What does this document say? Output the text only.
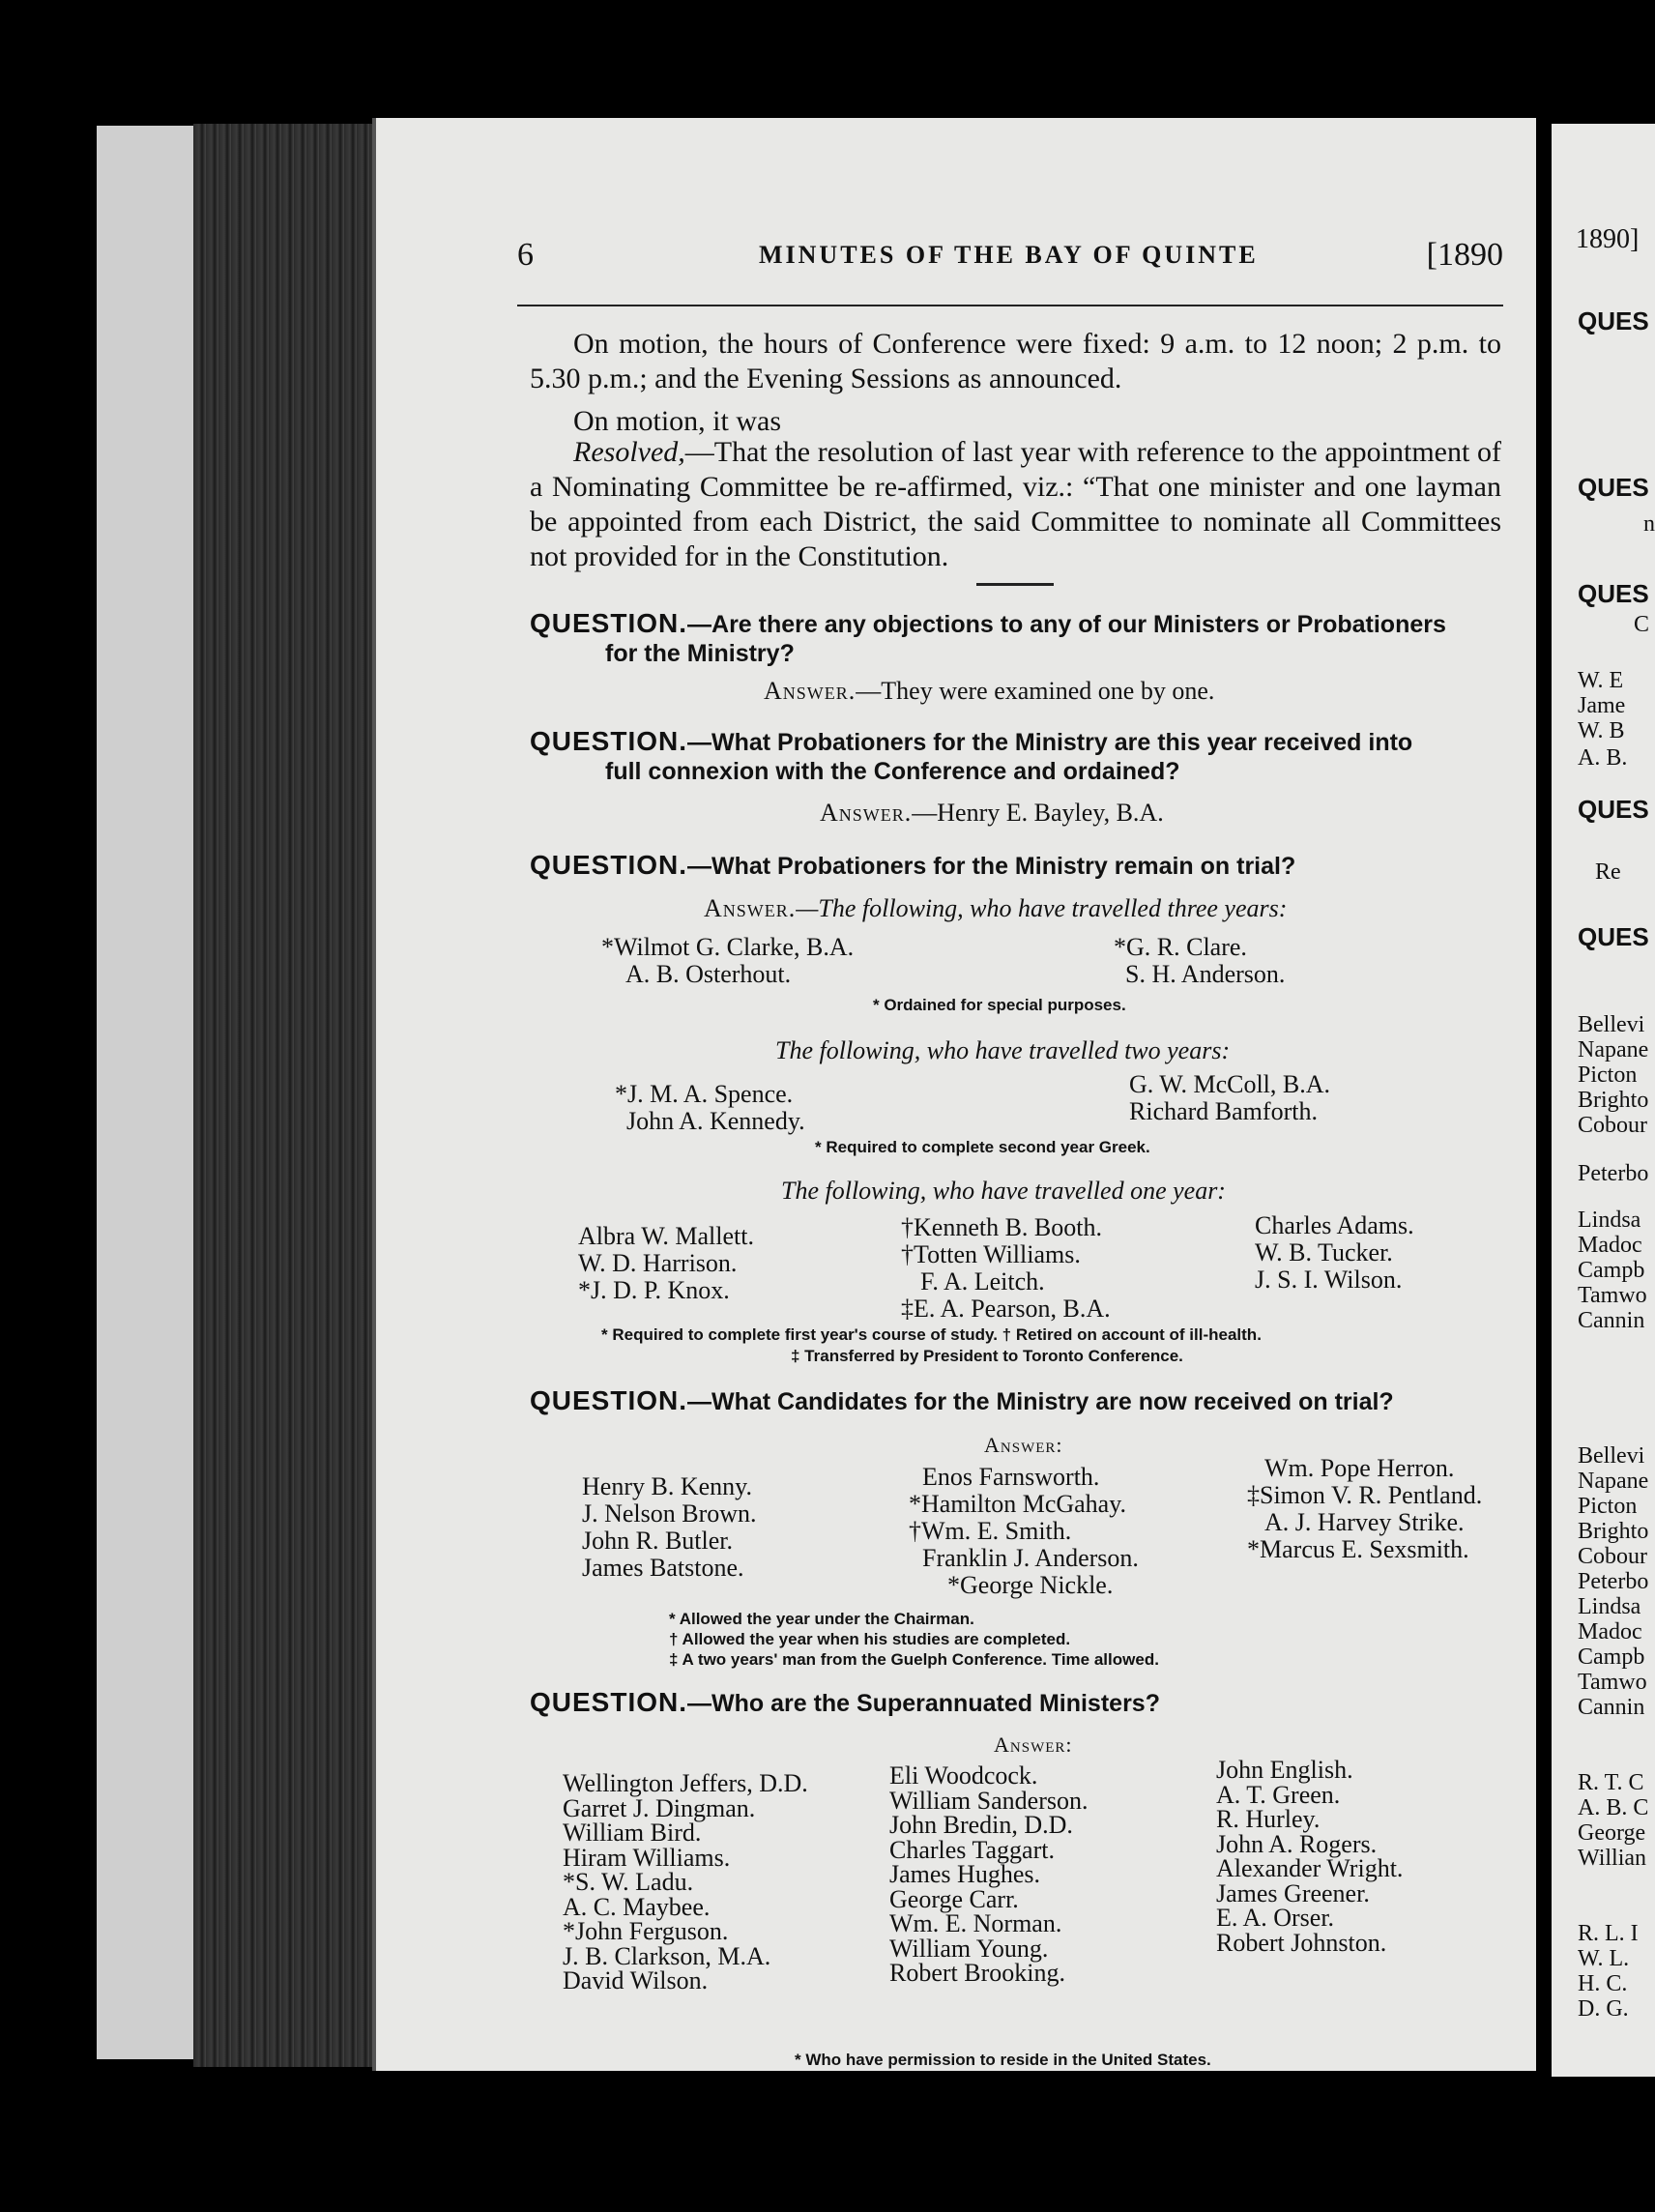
6	MINUTES OF THE BAY OF QUINTE	[1890
On motion, the hours of Conference were fixed: 9 a.m. to 12 noon; 2 p.m. to 5.30 p.m.; and the Evening Sessions as announced.
On motion, it was
Resolved,—That the resolution of last year with reference to the appointment of a Nominating Committee be re-affirmed, viz.: “That one minister and one layman be appointed from each District, the said Committee to nominate all Committees not provided for in the Constitution.
QUESTION.—Are there any objections to any of our Ministers or Probationers
for the Ministry?
Answer.—They were examined one by one.
QUESTION.—What Probationers for the Ministry are this year received into
full connexion with the Conference and ordained?
Answer.—Henry E. Bayley, B.A.
QUESTION.—What Probationers for the Ministry remain on trial?
Answer.—The following, who have travelled three years:
*Wilmot G. Clarke, B.A.
A. B. Osterhout.
*G. R. Clare.
S. H. Anderson.
* Ordained for special purposes.
The following, who have travelled two years:
*J. M. A. Spence.
John A. Kennedy.
G. W. McColl, B.A.
Richard Bamforth.
* Required to complete second year Greek.
The following, who have travelled one year:
Albra W. Mallett.
W. D. Harrison.
*J. D. P. Knox.
†Kenneth B. Booth.
†Totten Williams.
F. A. Leitch.
‡E. A. Pearson, B.A.
Charles Adams.
W. B. Tucker.
J. S. I. Wilson.
* Required to complete first year's course of study. † Retired on account of ill-health.
‡ Transferred by President to Toronto Conference.
QUESTION.—What Candidates for the Ministry are now received on trial?
Answer:
Henry B. Kenny.
J. Nelson Brown.
John R. Butler.
James Batstone.
Enos Farnsworth.
*Hamilton McGahay.
†Wm. E. Smith.
Franklin J. Anderson.
*George Nickle.
Wm. Pope Herron.
‡Simon V. R. Pentland.
A. J. Harvey Strike.
*Marcus E. Sexsmith.
* Allowed the year under the Chairman.
† Allowed the year when his studies are completed.
‡ A two years' man from the Guelph Conference. Time allowed.
QUESTION.—Who are the Superannuated Ministers?
Answer:
Wellington Jeffers, D.D.
Garret J. Dingman.
William Bird.
Hiram Williams.
*S. W. Ladu.
A. C. Maybee.
*John Ferguson.
J. B. Clarkson, M.A.
David Wilson.
Eli Woodcock.
William Sanderson.
John Bredin, D.D.
Charles Taggart.
James Hughes.
George Carr.
Wm. E. Norman.
William Young.
Robert Brooking.
John English.
A. T. Green.
R. Hurley.
John A. Rogers.
Alexander Wright.
James Greener.
E. A. Orser.
Robert Johnston.
* Who have permission to reside in the United States.
1890]
QUES
QUES
n
QUES
C
W. E
Jame
W. B
A. B.
QUES
Re
QUES
Bellevi
Napane
Picton
Brighto
Cobour
Peterbo
Lindsa
Madoc
Campb
Tamwo
Cannin
Bellevi
Napane
Picton
Brighto
Cobour
Peterbo
Lindsa
Madoc
Campb
Tamwo
Cannin
R. T. C
A. B. C
George
Willian
R. L. I
W. L.
H. C.
D. G.
